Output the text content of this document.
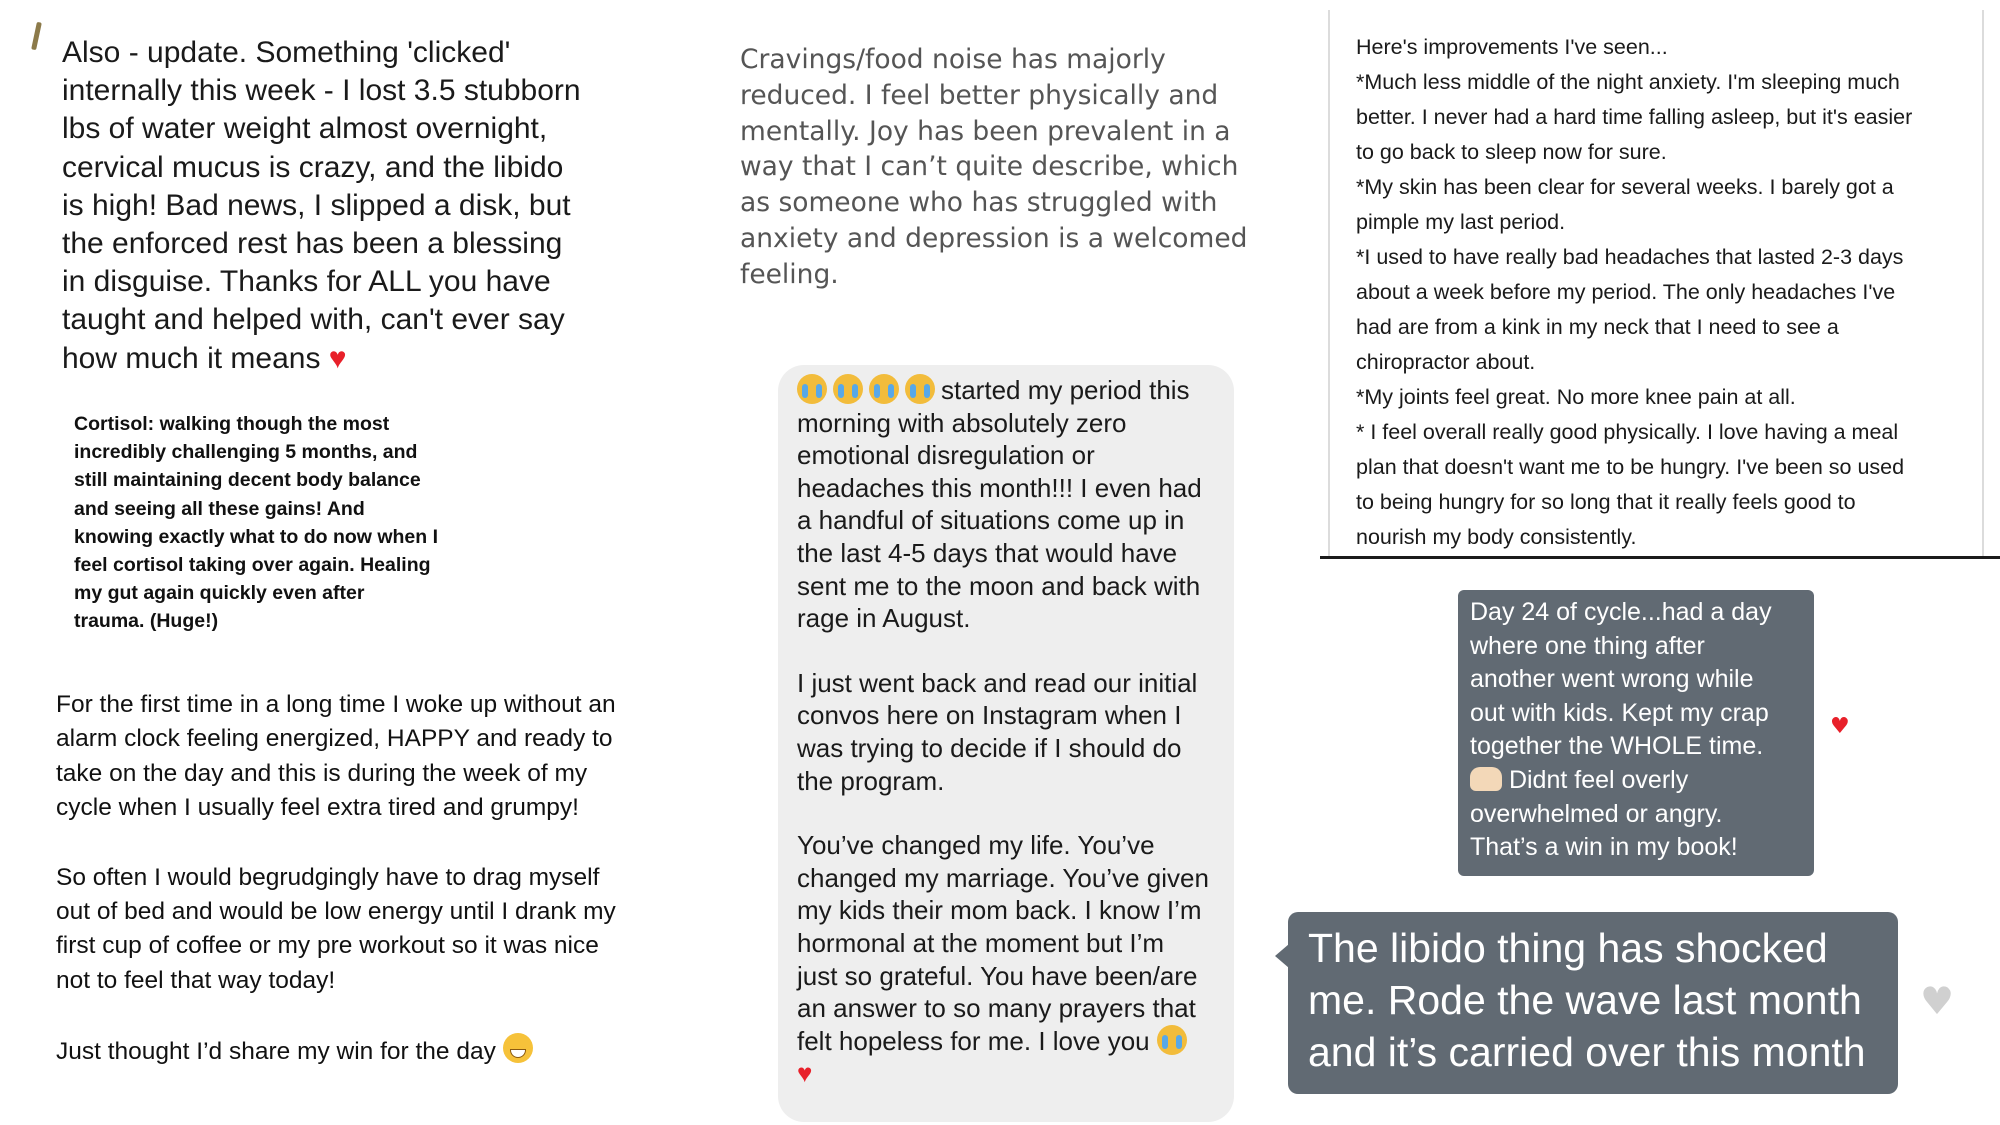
Also - update. Something 'clicked'
internally this week - I lost 3.5 stubborn
lbs of water weight almost overnight,
cervical mucus is crazy, and the libido
is high! Bad news, I slipped a disk, but
the enforced rest has been a blessing
in disguise. Thanks for ALL you have
taught and helped with, can't ever say
how much it means ♥

Cortisol: walking though the most
incredibly challenging 5 months, and
still maintaining decent body balance
and seeing all these gains! And
knowing exactly what to do now when I
feel cortisol taking over again. Healing
my gut again quickly even after
trauma. (Huge!)

For the first time in a long time I woke up without an
alarm clock feeling energized, HAPPY and ready to
take on the day and this is during the week of my
cycle when I usually feel extra tired and grumpy!

So often I would begrudgingly have to drag myself
out of bed and would be low energy until I drank my
first cup of coffee or my pre workout so it was nice
not to feel that way today!

Just thought I’d share my win for the day

Cravings/food noise has majorly
reduced. I feel better physically and
mentally. Joy has been prevalent in a
way that I can’t quite describe, which
as someone who has struggled with
anxiety and depression is a welcomed
feeling.

started my period this
morning with absolutely zero
emotional disregulation or
headaches this month!!! I even had
a handful of situations come up in
the last 4-5 days that would have
sent me to the moon and back with
rage in August.

I just went back and read our initial
convos here on Instagram when I
was trying to decide if I should do
the program.

You’ve changed my life. You’ve
changed my marriage. You’ve given
my kids their mom back. I know I’m
hormonal at the moment but I’m
just so grateful. You have been/are
an answer to so many prayers that
felt hopeless for me. I love you
♥

Here's improvements I've seen...
*Much less middle of the night anxiety. I'm sleeping much
better. I never had a hard time falling asleep, but it's easier
to go back to sleep now for sure.
*My skin has been clear for several weeks. I barely got a
pimple my last period.
*I used to have really bad headaches that lasted 2-3 days
about a week before my period. The only headaches I've
had are from a kink in my neck that I need to see a
chiropractor about.
*My joints feel great. No more knee pain at all.
* I feel overall really good physically. I love having a meal
plan that doesn't want me to be hungry. I've been so used
to being hungry for so long that it really feels good to
nourish my body consistently.

Day 24 of cycle...had a day
where one thing after
another went wrong while
out with kids. Kept my crap
together the WHOLE time.
Didnt feel overly
overwhelmed or angry.
That’s a win in my book!

♥

The libido thing has shocked
me. Rode the wave last month
and it’s carried over this month

♥
